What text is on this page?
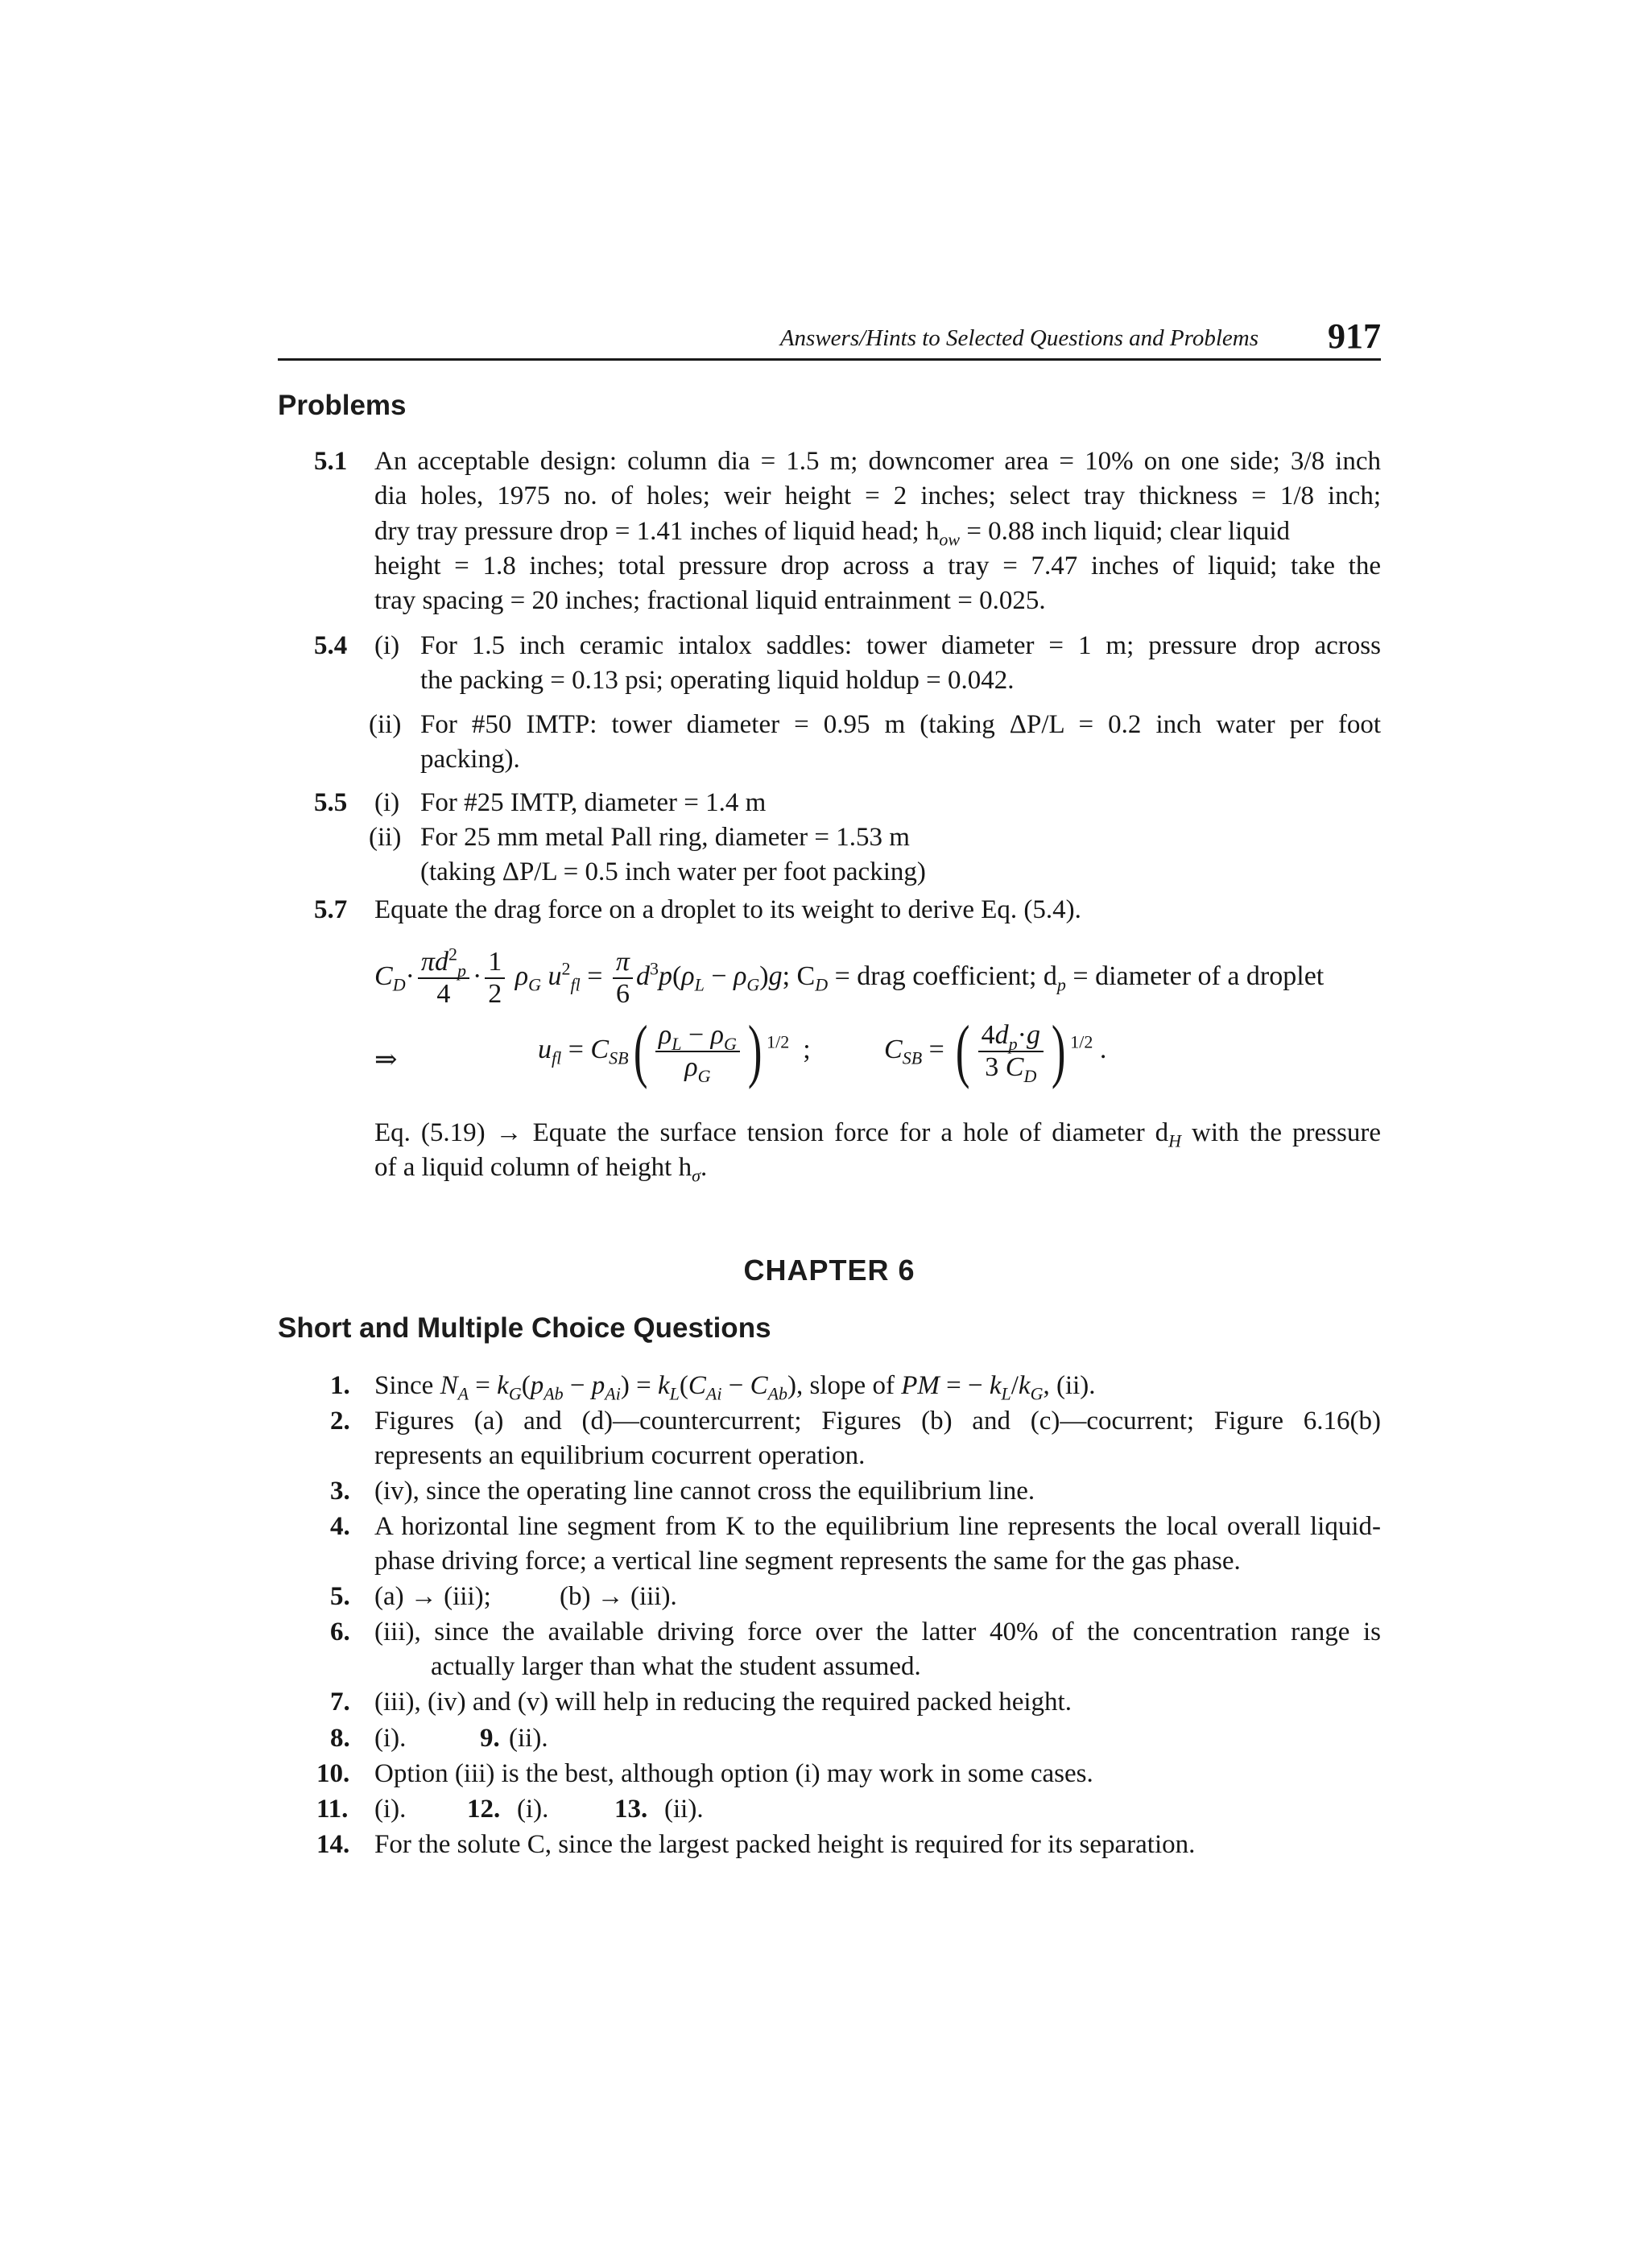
Answers/Hints to Selected Questions and Problems 917
Problems
5.1 An acceptable design: column dia = 1.5 m; downcomer area = 10% on one side; 3/8 inch
dia holes, 1975 no. of holes; weir height = 2 inches; select tray thickness = 1/8 inch;
dry tray pressure drop = 1.41 inches of liquid head; $h_{ow} = 0.88$ inch liquid; clear liquid
height = 1.8 inches; total pressure drop across a tray = 7.47 inches of liquid; take the
tray spacing = 20 inches; fractional liquid entrainment = 0.025.
5.4 (i) For 1.5 inch ceramic intalox saddles: tower diameter = 1 m; pressure drop across
the packing = 0.13 psi; operating liquid holdup = 0.042.
(ii) For #50 IMTP: tower diameter = 0.95 m (taking ΔP/L = 0.2 inch water per foot
packing).
5.5 (i) For #25 IMTP, diameter = 1.4 m
(ii) For 25 mm metal Pall ring, diameter = 1.53 m
(taking ΔP/L = 0.5 inch water per foot packing)
5.7 Equate the drag force on a droplet to its weight to derive Eq. (5.4).
$C_D\cdot \frac{\pi d^2_p}{4} \cdot \frac{1}{2} \rho_G$ $u^2_{fl} = \frac{\pi}{6} d^3p(\rho_L - \rho_G)g$; $C_D$ = drag coefficient; $d_p$ = diameter of a droplet
⇒	$u_{fl} = C_{SB}( \frac{\rho_L - \rho_G}{\rho_G}$ ) $^{1/2}$  ;	$C_{SB}$ = ( $\frac{4d_p\cdot g}{3 C_D}$ ) $^{1/2}$ .
Eq. (5.19) → Equate the surface tension force for a hole of diameter $d_H$ with the pressure
of a liquid column of height $h_\sigma$.
CHAPTER 6
Short and Multiple Choice Questions
1. Since $N_A = k_G(p_{Ab} - p_{Ai}) = k_L(C_{Ai} - C_{Ab})$, slope of PM = − $k_L/k_G$, (ii).
2. Figures (a) and (d)—countercurrent; Figures (b) and (c)—cocurrent; Figure 6.16(b)
represents an equilibrium cocurrent operation.
3. (iv), since the operating line cannot cross the equilibrium line.
4. A horizontal line segment from K to the equilibrium line represents the local overall liquid-
phase driving force; a vertical line segment represents the same for the gas phase.
5. (a) → (iii);	(b) → (iii).
6. (iii), since the available driving force over the latter 40% of the concentration range is
actually larger than what the student assumed.
7. (iii), (iv) and (v) will help in reducing the required packed height.
8. (i).	9. (ii).
10. Option (iii) is the best, although option (i) may work in some cases.
11. (i). 12. (i). 13. (ii).
14. For the solute C, since the largest packed height is required for its separation.
